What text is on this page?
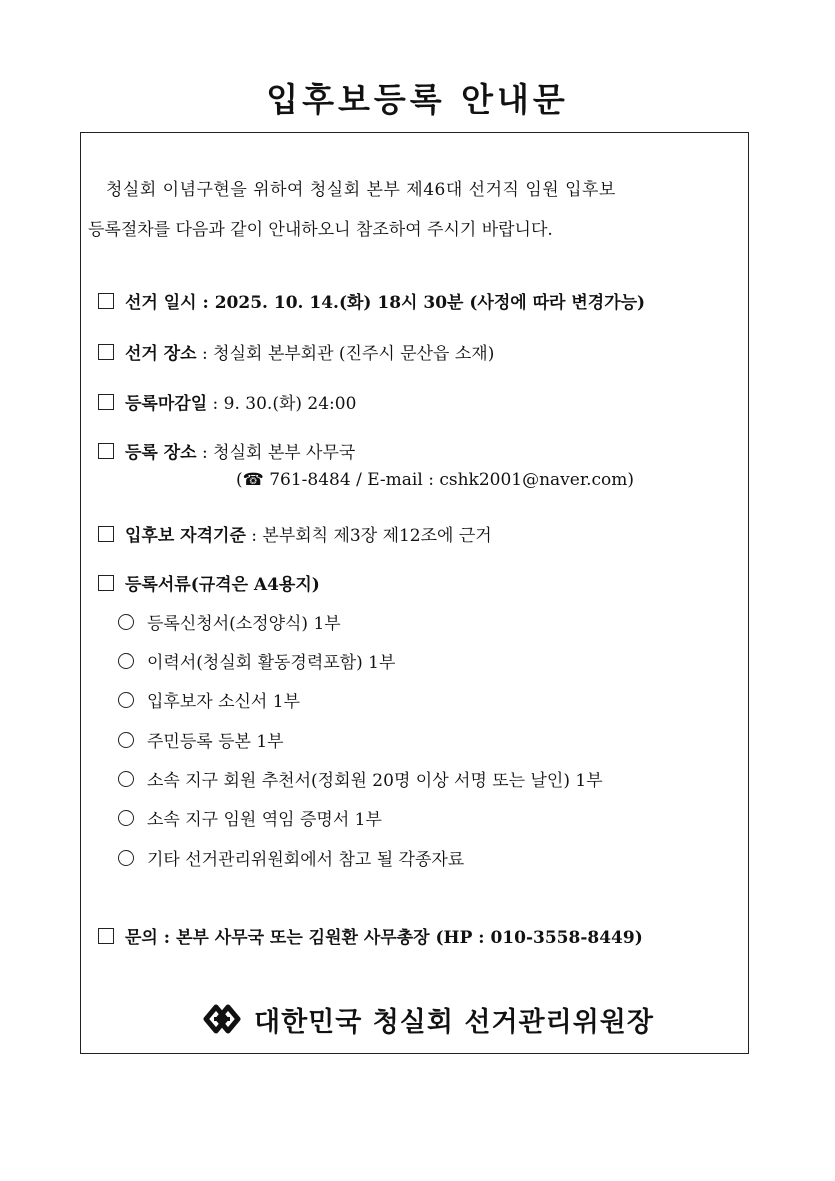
입후보등록 안내문
청실회 이념구현을 위하여 청실회 본부 제46대 선거직 임원 입후보
등록절차를 다음과 같이 안내하오니 참조하여 주시기 바랍니다.
선거 일시 : 2025. 10. 14.(화) 18시 30분 (사정에 따라 변경가능)
선거 장소 : 청실회 본부회관 (진주시 문산읍 소재)
등록마감일 : 9. 30.(화) 24:00
등록 장소 : 청실회 본부 사무국
(☎ 761-8484 / E-mail : cshk2001@naver.com)
입후보 자격기준 : 본부회칙 제3장 제12조에 근거
등록서류(규격은 A4용지)
등록신청서(소정양식) 1부
이력서(청실회 활동경력포함) 1부
입후보자 소신서 1부
주민등록 등본 1부
소속 지구 회원 추천서(정회원 20명 이상 서명 또는 날인) 1부
소속 지구 임원 역임 증명서 1부
기타 선거관리위원회에서 참고 될 각종자료
문의 : 본부 사무국 또는 김원환 사무총장 (HP : 010-3558-8449)
대한민국 청실회 선거관리위원장
